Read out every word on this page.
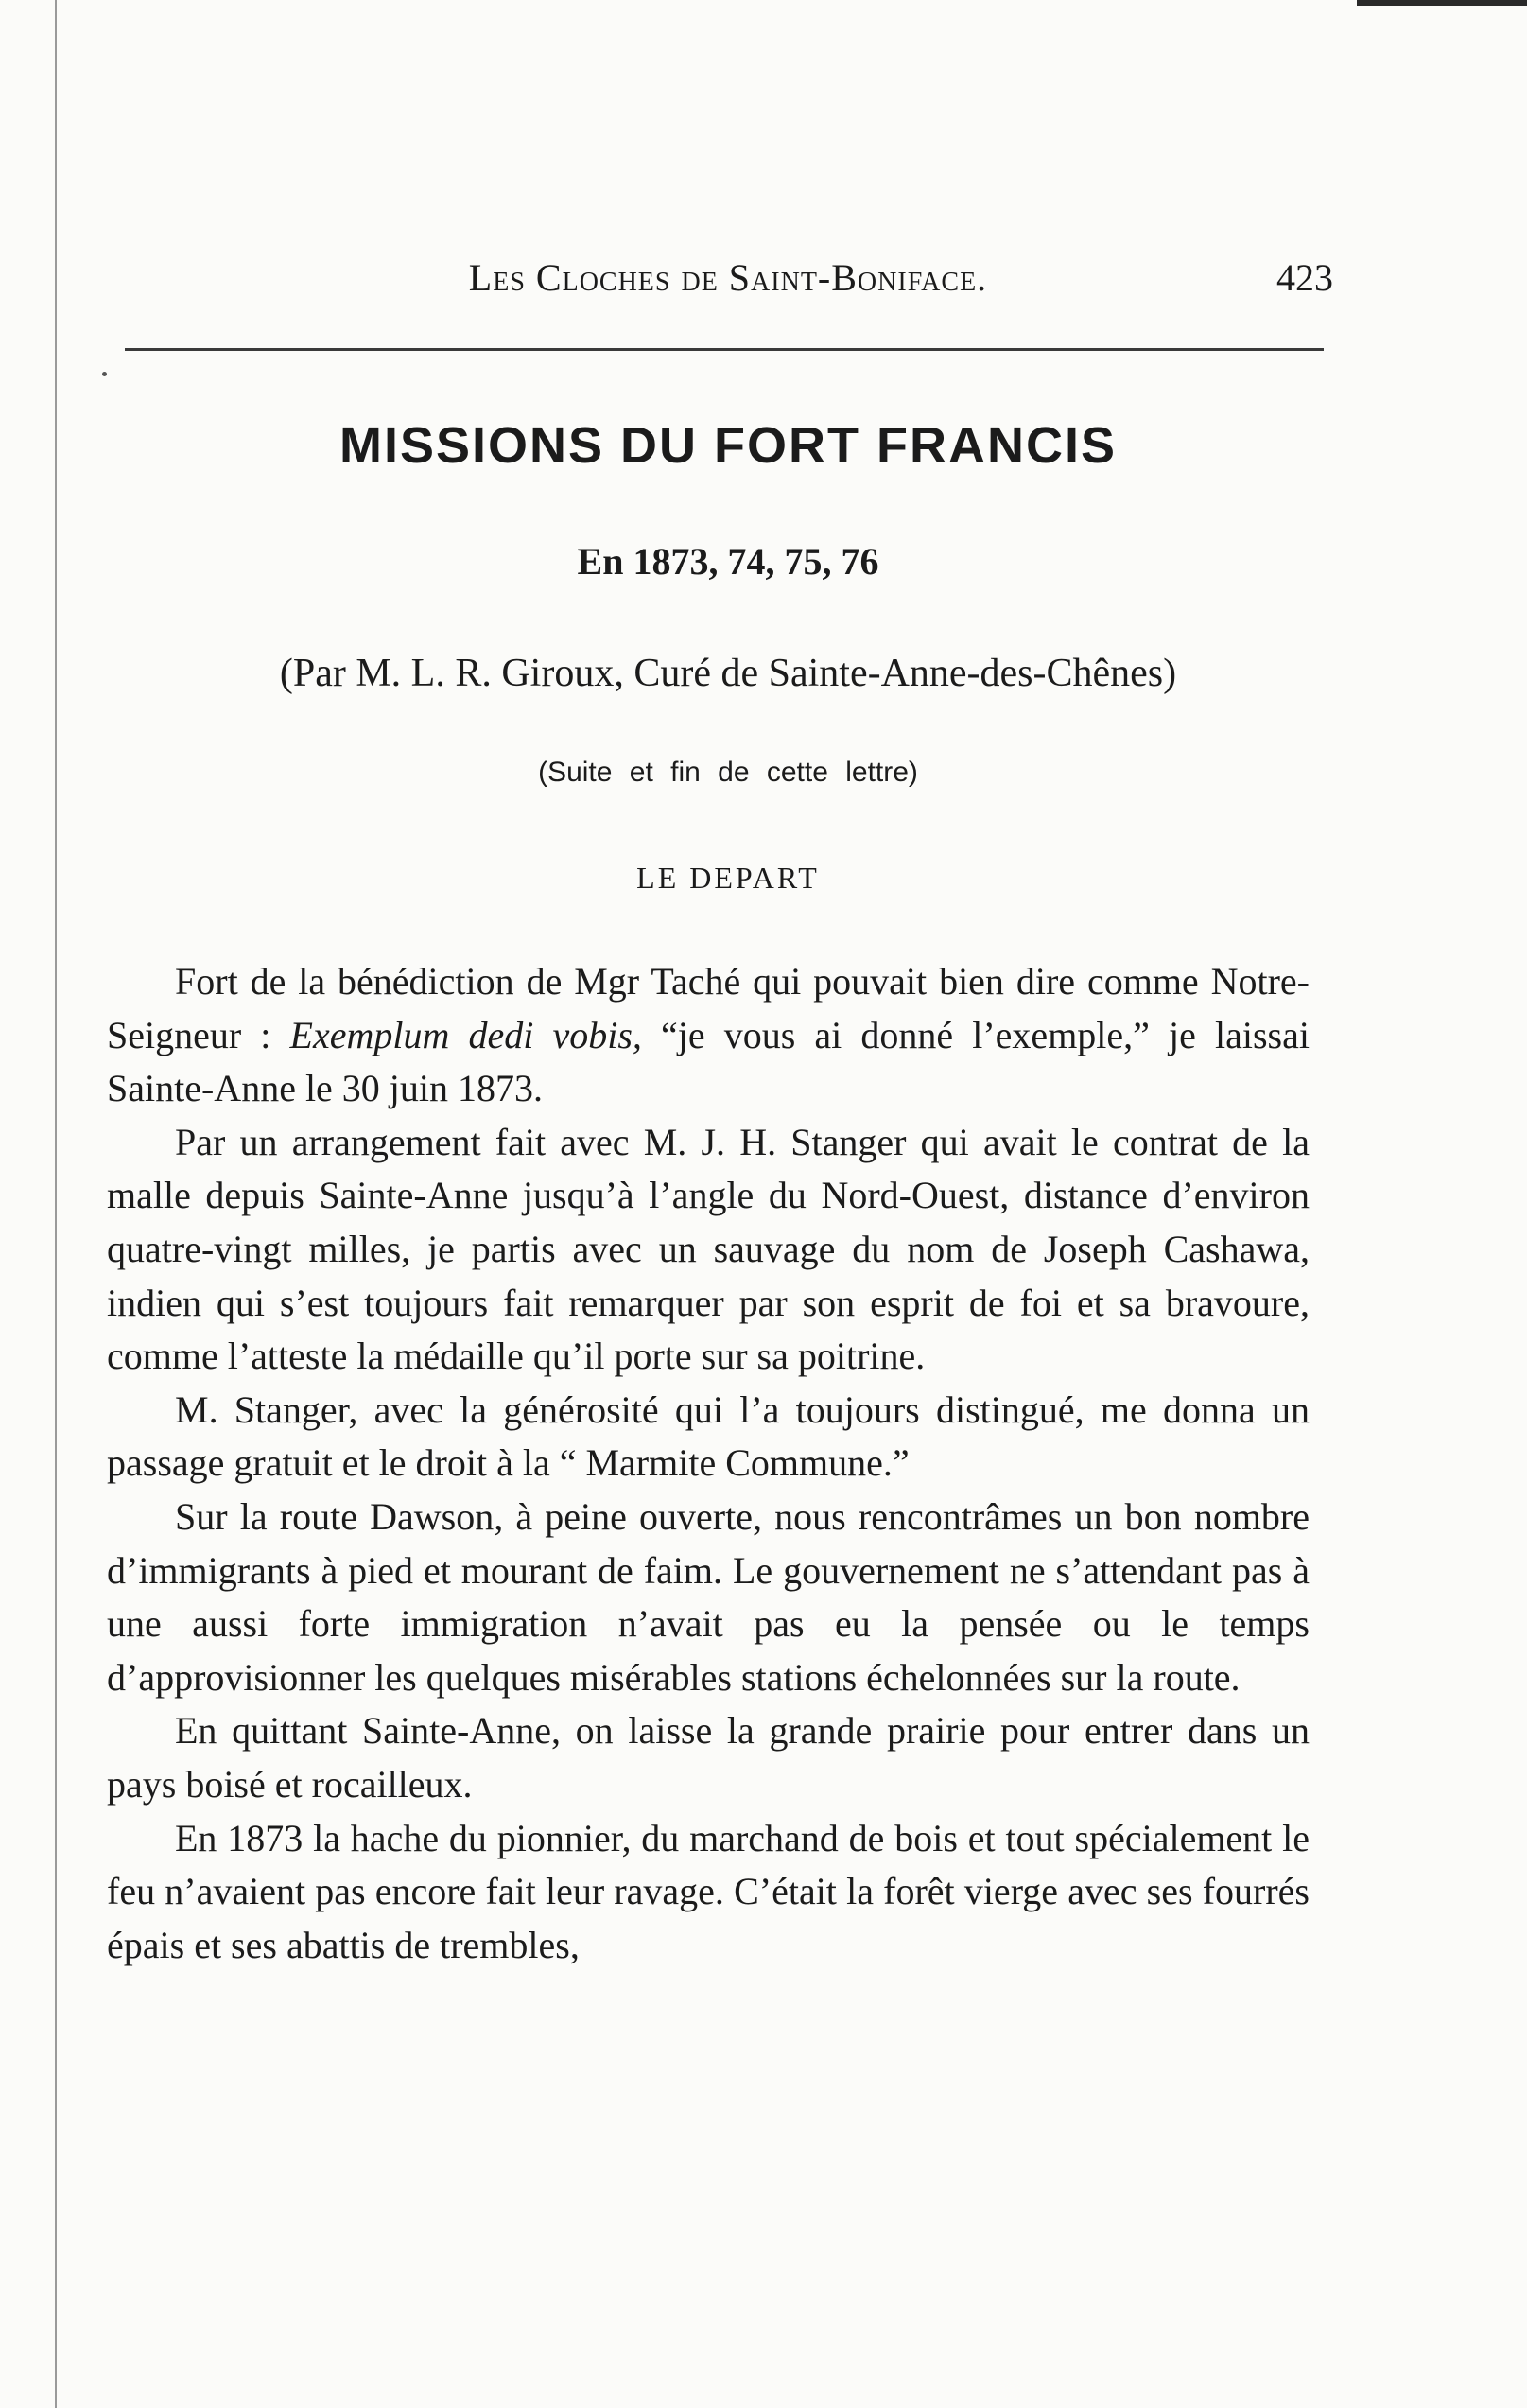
Les Cloches de Saint-Boniface.	423
MISSIONS DU FORT FRANCIS
En 1873, 74, 75, 76
(Par M. L. R. Giroux, Curé de Sainte-Anne-des-Chênes)
(Suite et fin de cette lettre)
LE DEPART

Fort de la bénédiction de Mgr Taché qui pouvait bien dire comme Notre-Seigneur : Exemplum dedi vobis, “je vous ai donné l’exemple,” je laissai Sainte-Anne le 30 juin 1873.

Par un arrangement fait avec M. J. H. Stanger qui avait le contrat de la malle depuis Sainte-Anne jusqu’à l’angle du Nord-Ouest, distance d’environ quatre-vingt milles, je partis avec un sauvage du nom de Joseph Cashawa, indien qui s’est toujours fait remarquer par son esprit de foi et sa bravoure, comme l’atteste la médaille qu’il porte sur sa poitrine.

M. Stanger, avec la générosité qui l’a toujours distingué, me donna un passage gratuit et le droit à la “ Marmite Commune.”

Sur la route Dawson, à peine ouverte, nous rencontrâmes un bon nombre d’immigrants à pied et mourant de faim. Le gouvernement ne s’attendant pas à une aussi forte immigration n’avait pas eu la pensée ou le temps d’approvisionner les quelques misérables stations échelonnées sur la route.

En quittant Sainte-Anne, on laisse la grande prairie pour entrer dans un pays boisé et rocailleux.

En 1873 la hache du pionnier, du marchand de bois et tout spécialement le feu n’avaient pas encore fait leur ravage. C’était la forêt vierge avec ses fourrés épais et ses abattis de trembles,
